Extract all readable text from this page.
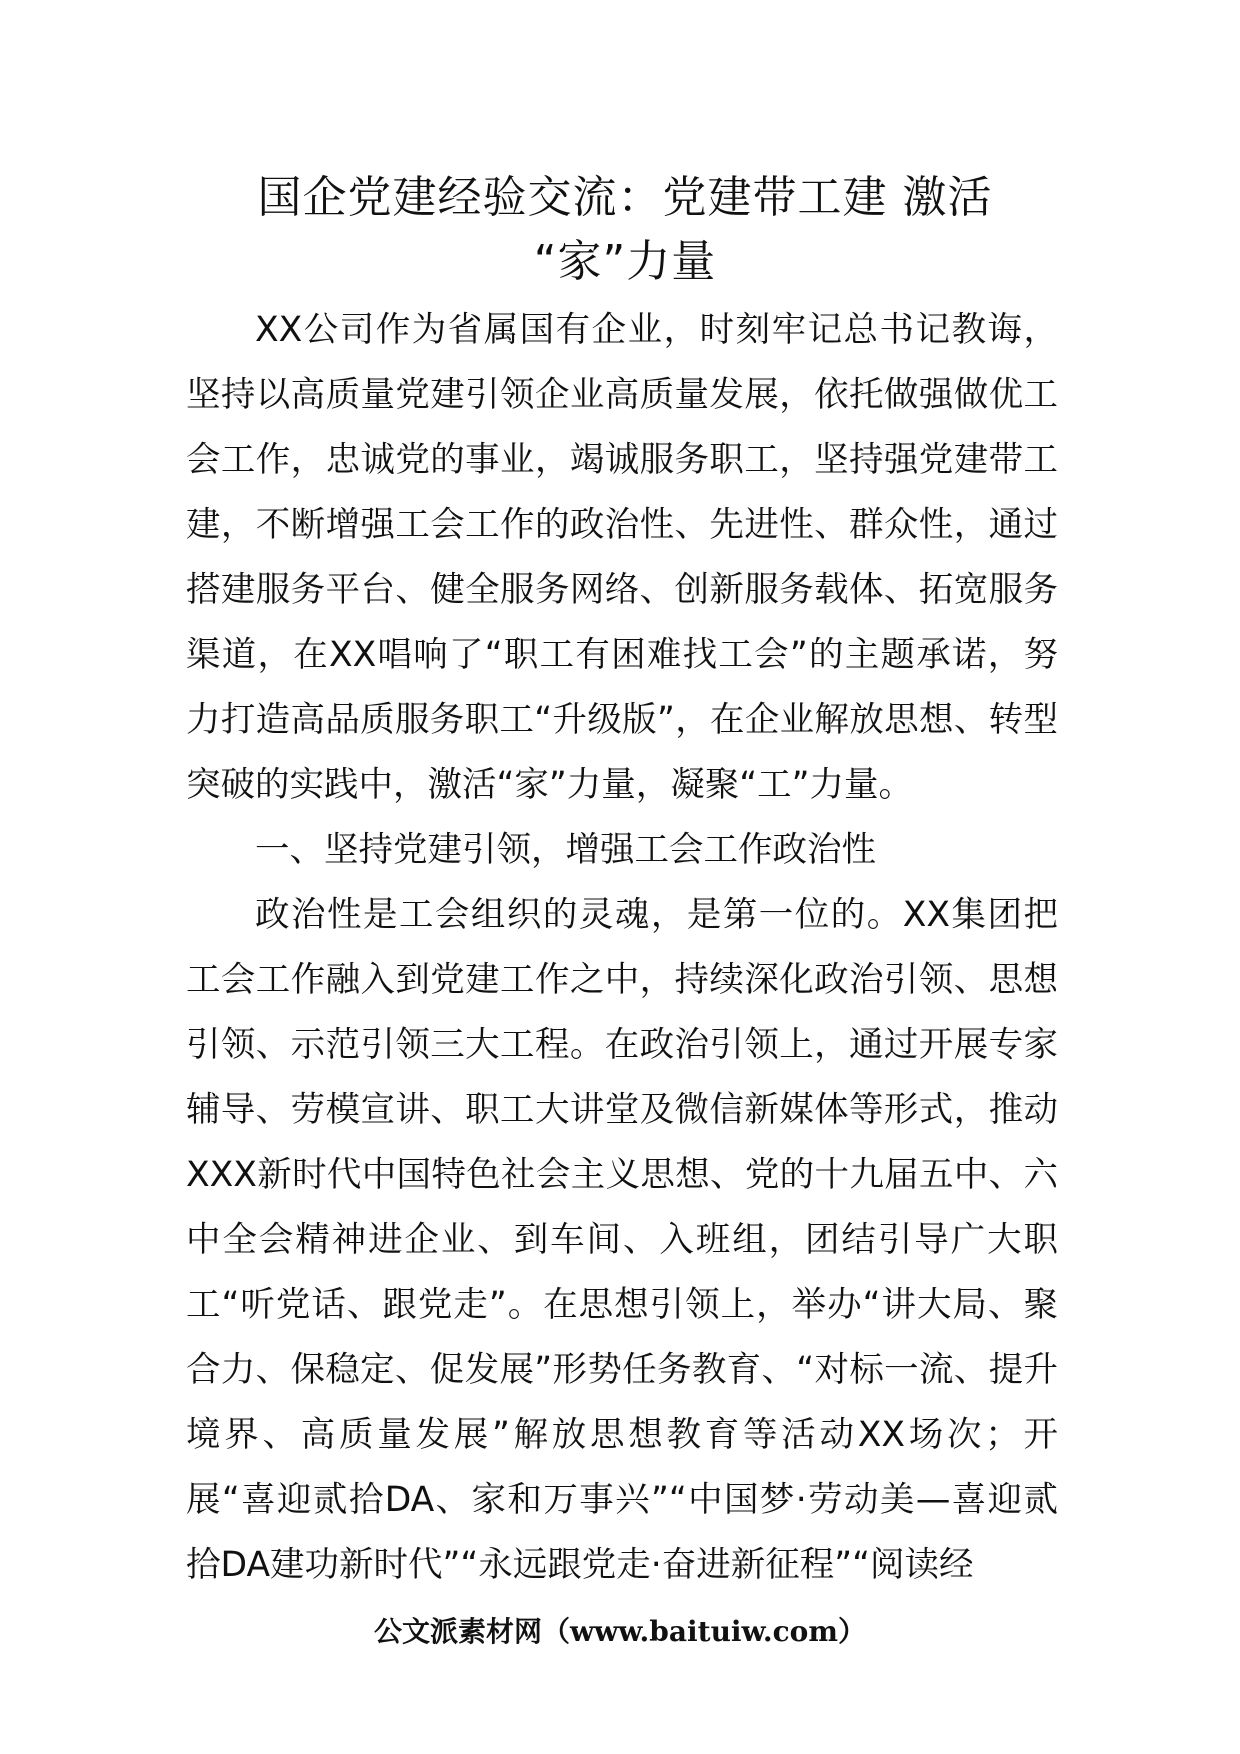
国企党建经验交流：党建带工建 激活
“家”力量

XX公司作为省属国有企业，时刻牢记总书记教诲，坚持以高质量党建引领企业高质量发展，依托做强做优工会工作，忠诚党的事业，竭诚服务职工，坚持强党建带工建，不断增强工会工作的政治性、先进性、群众性，通过搭建服务平台、健全服务网络、创新服务载体、拓宽服务渠道，在XX唱响了“职工有困难找工会”的主题承诺，努力打造高品质服务职工“升级版”，在企业解放思想、转型突破的实践中，激活“家”力量，凝聚“工”力量。

一、坚持党建引领，增强工会工作政治性

政治性是工会组织的灵魂，是第一位的。XX集团把工会工作融入到党建工作之中，持续深化政治引领、思想引领、示范引领三大工程。在政治引领上，通过开展专家辅导、劳模宣讲、职工大讲堂及微信新媒体等形式，推动XXX新时代中国特色社会主义思想、党的十九届五中、六中全会精神进企业、到车间、入班组，团结引导广大职工“听党话、跟党走”。在思想引领上，举办“讲大局、聚合力、保稳定、促发展”形势任务教育、“对标一流、提升境界、高质量发展”解放思想教育等活动XX场次；开展“喜迎贰拾DA、家和万事兴”“中国梦·劳动美—喜迎贰拾DA建功新时代”“永远跟党走·奋进新征程”“阅读经

公文派素材网（www.baituiw.com）
